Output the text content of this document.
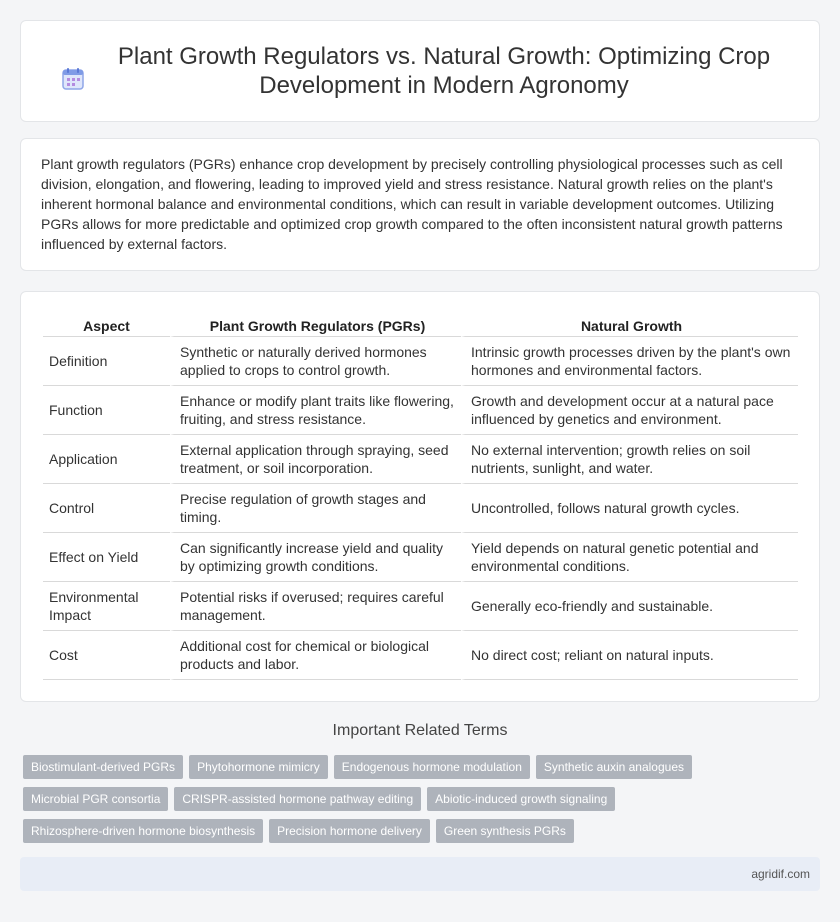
Plant Growth Regulators vs. Natural Growth: Optimizing Crop Development in Modern Agronomy

Plant growth regulators (PGRs) enhance crop development by precisely controlling physiological processes such as cell division, elongation, and flowering, leading to improved yield and stress resistance. Natural growth relies on the plant's inherent hormonal balance and environmental conditions, which can result in variable development outcomes. Utilizing PGRs allows for more predictable and optimized crop growth compared to the often inconsistent natural growth patterns influenced by external factors.

Aspect	Plant Growth Regulators (PGRs)	Natural Growth
Definition	Synthetic or naturally derived hormones applied to crops to control growth.	Intrinsic growth processes driven by the plant's own hormones and environmental factors.
Function	Enhance or modify plant traits like flowering, fruiting, and stress resistance.	Growth and development occur at a natural pace influenced by genetics and environment.
Application	External application through spraying, seed treatment, or soil incorporation.	No external intervention; growth relies on soil nutrients, sunlight, and water.
Control	Precise regulation of growth stages and timing.	Uncontrolled, follows natural growth cycles.
Effect on Yield	Can significantly increase yield and quality by optimizing growth conditions.	Yield depends on natural genetic potential and environmental conditions.
Environmental Impact	Potential risks if overused; requires careful management.	Generally eco-friendly and sustainable.
Cost	Additional cost for chemical or biological products and labor.	No direct cost; reliant on natural inputs.
Important Related Terms
Biostimulant-derived PGRs	Phytohormone mimicry	Endogenous hormone modulation	Synthetic auxin analogues
Microbial PGR consortia	CRISPR-assisted hormone pathway editing	Abiotic-induced growth signaling
Rhizosphere-driven hormone biosynthesis	Precision hormone delivery	Green synthesis PGRs
agridif.com
